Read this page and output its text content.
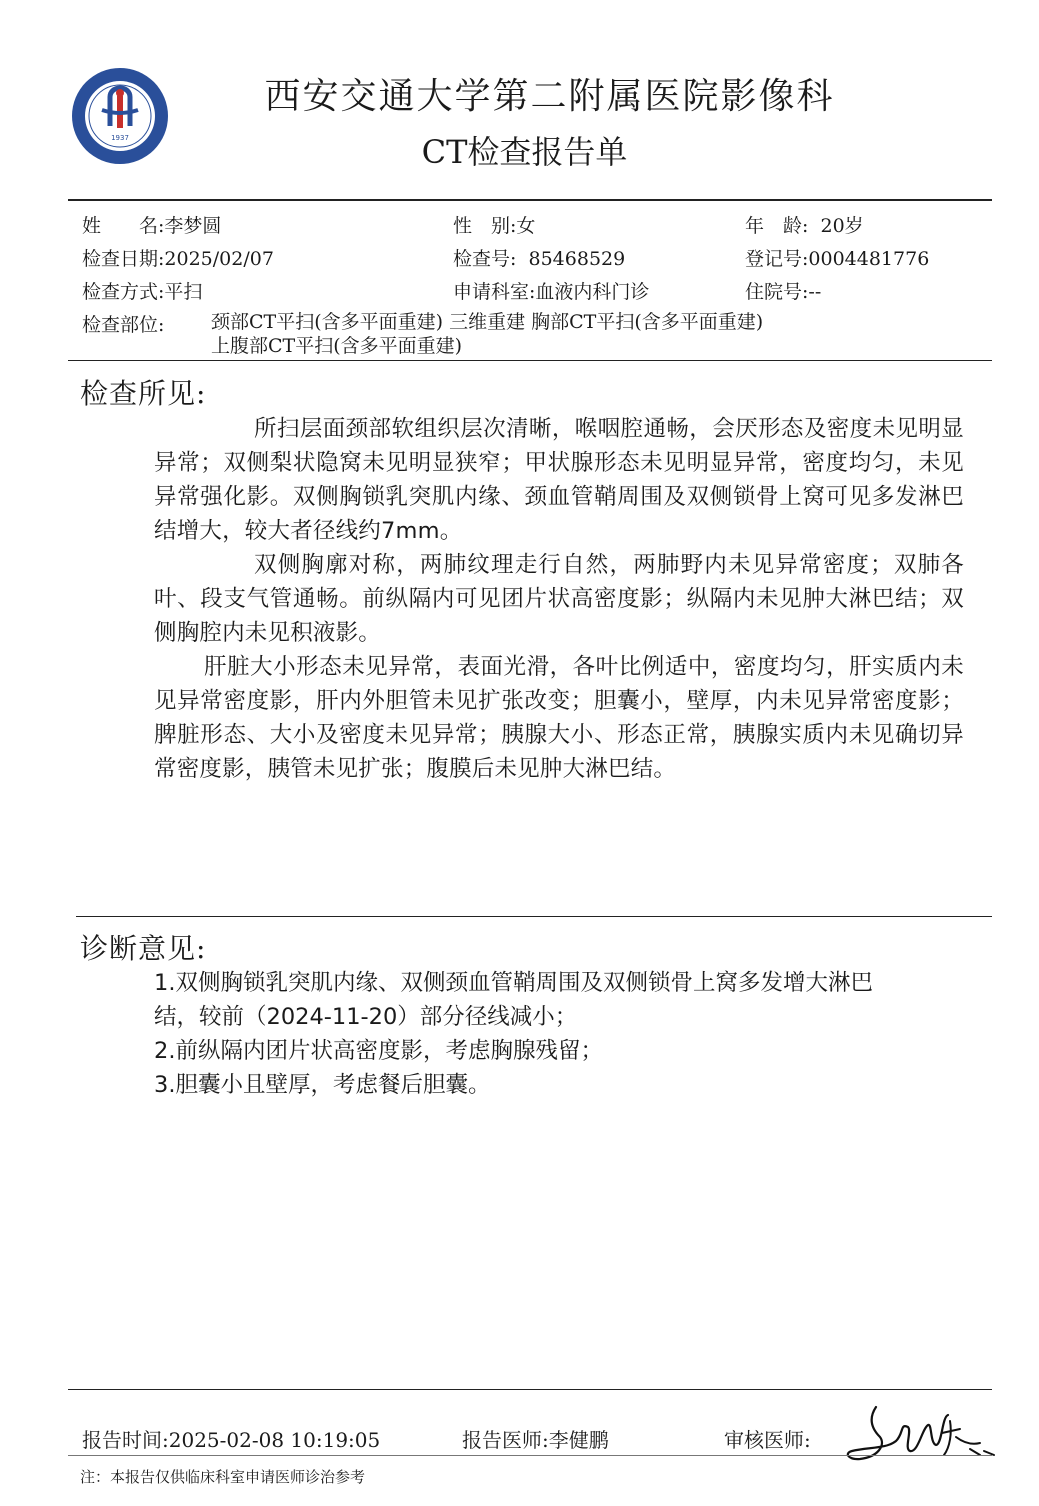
1937
西安交通大学第二附属医院影像科
CT检查报告单
姓　　名:李梦圆	性　别:女	年　龄: 20岁
检查日期:2025/02/07	检查号: 85468529	登记号:0004481776
检查方式:平扫	申请科室:血液内科门诊	住院号:--
检查部位: 颈部CT平扫(含多平面重建) 三维重建 胸部CT平扫(含多平面重建)
上腹部CT平扫(含多平面重建)
检查所见:

所扫层面颈部软组织层次清晰，喉咽腔通畅，会厌形态及密度未见明显异常；双侧梨状隐窝未见明显狭窄；甲状腺形态未见明显异常，密度均匀，未见异常强化影。双侧胸锁乳突肌内缘、颈血管鞘周围及双侧锁骨上窝可见多发淋巴结增大，较大者径线约7mm。

双侧胸廓对称，两肺纹理走行自然，两肺野内未见异常密度；双肺各叶、段支气管通畅。前纵隔内可见团片状高密度影；纵隔内未见肿大淋巴结；双侧胸腔内未见积液影。

肝脏大小形态未见异常，表面光滑，各叶比例适中，密度均匀，肝实质内未见异常密度影，肝内外胆管未见扩张改变；胆囊小，壁厚，内未见异常密度影；脾脏形态、大小及密度未见异常；胰腺大小、形态正常，胰腺实质内未见确切异常密度影，胰管未见扩张；腹膜后未见肿大淋巴结。

诊断意见:

1.双侧胸锁乳突肌内缘、双侧颈血管鞘周围及双侧锁骨上窝多发增大淋巴结，较前（2024-11-20）部分径线减小；

2.前纵隔内团片状高密度影，考虑胸腺残留；

3.胆囊小且壁厚，考虑餐后胆囊。

报告时间:2025-02-08 10:19:05	报告医师:李健鹏	审核医师:
注：本报告仅供临床科室申请医师诊治参考
